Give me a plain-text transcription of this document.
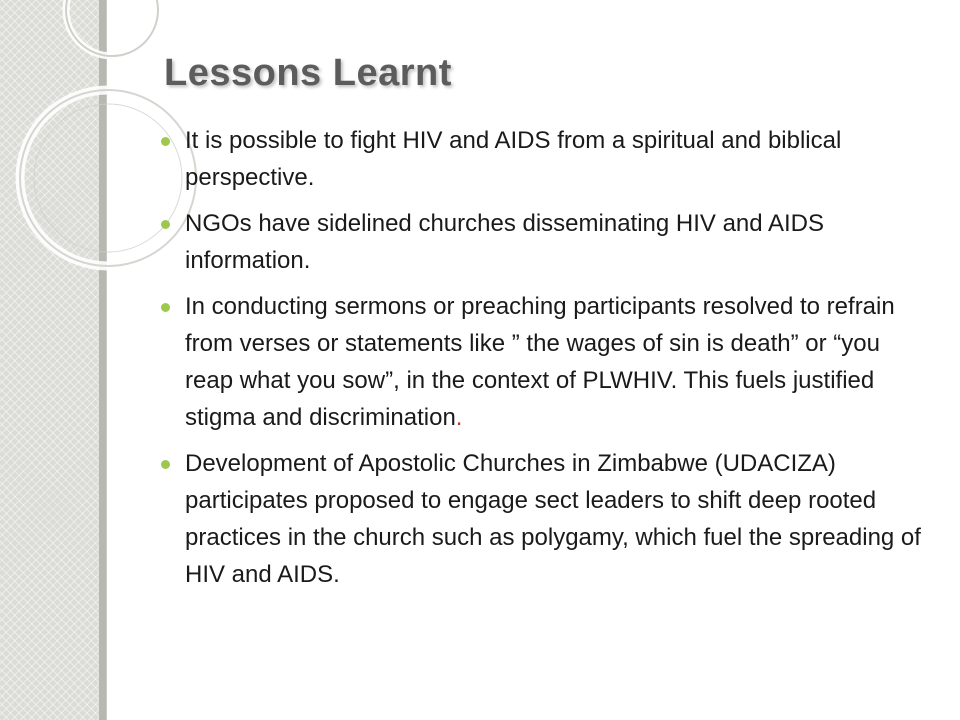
Lessons Learnt
It is possible to fight HIV and AIDS from a spiritual and biblical perspective.
NGOs have sidelined churches disseminating HIV and AIDS information.
In conducting sermons or preaching participants resolved to refrain from verses or statements like ” the wages of sin is death” or “you reap what you sow”, in the context of PLWHIV. This fuels justified stigma and discrimination.
Development of Apostolic Churches in Zimbabwe (UDACIZA) participates proposed to engage sect leaders to shift deep rooted practices in the church such as polygamy, which fuel the spreading of HIV and AIDS.
